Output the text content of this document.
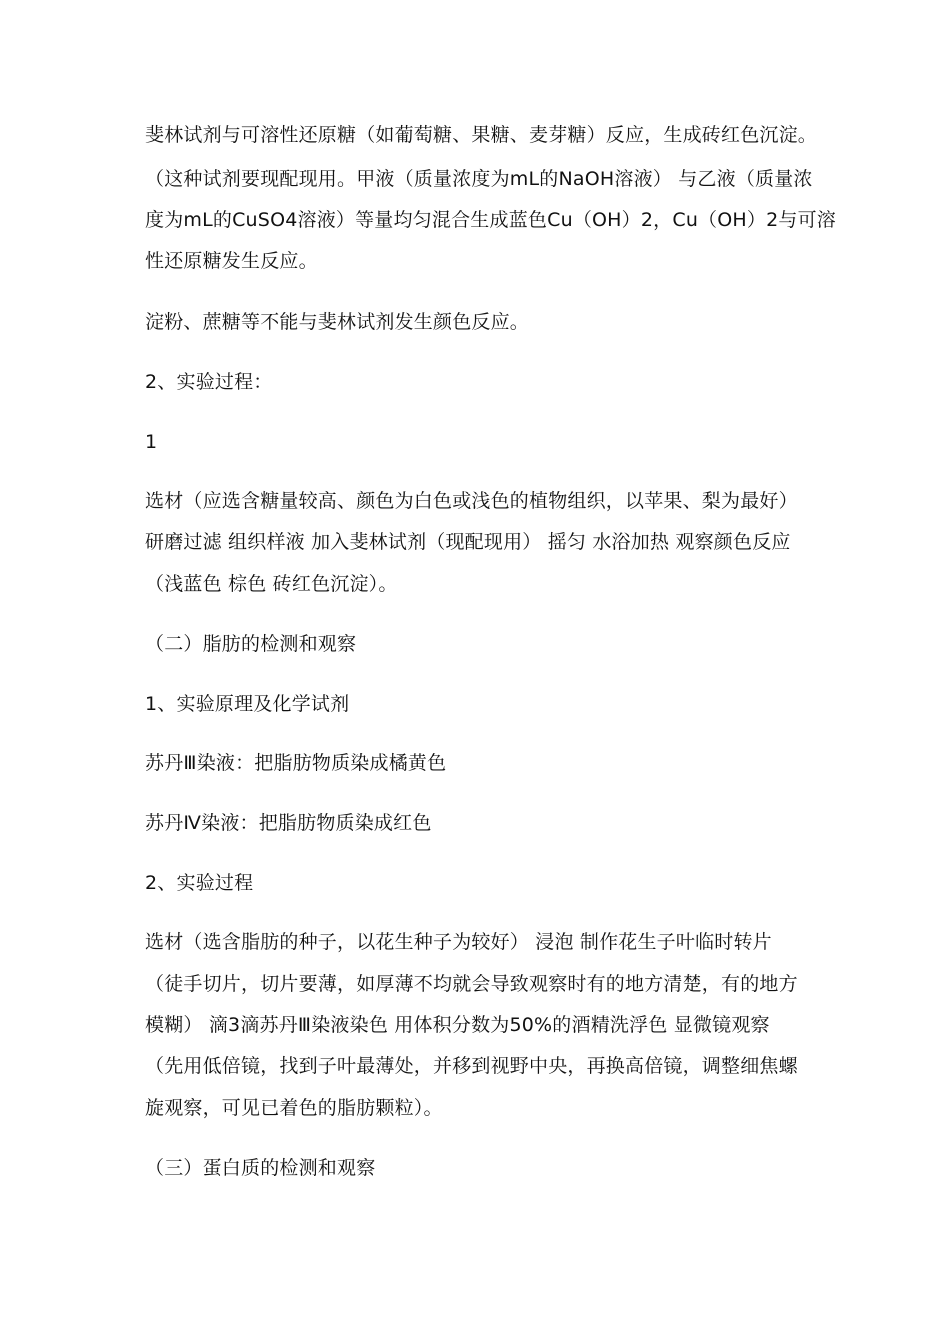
斐林试剂与可溶性还原糖（如葡萄糖、果糖、麦芽糖）反应，生成砖红色沉淀。
（这种试剂要现配现用。甲液（质量浓度为mL的NaOH溶液） 与乙液（质量浓
度为mL的CuSO4溶液）等量均匀混合生成蓝色Cu（OH）2，Cu（OH）2与可溶
性还原糖发生反应。
淀粉、蔗糖等不能与斐林试剂发生颜色反应。
2、实验过程：
1
选材（应选含糖量较高、颜色为白色或浅色的植物组织，以苹果、梨为最好）
研磨过滤 组织样液 加入斐林试剂（现配现用） 摇匀 水浴加热 观察颜色反应
（浅蓝色 棕色 砖红色沉淀）。
（二）脂肪的检测和观察
1、实验原理及化学试剂
苏丹Ⅲ染液：把脂肪物质染成橘黄色
苏丹Ⅳ染液：把脂肪物质染成红色
2、实验过程
选材（选含脂肪的种子，以花生种子为较好） 浸泡 制作花生子叶临时转片
（徒手切片，切片要薄，如厚薄不均就会导致观察时有的地方清楚，有的地方
模糊） 滴3滴苏丹Ⅲ染液染色 用体积分数为50%的酒精洗浮色 显微镜观察
（先用低倍镜，找到子叶最薄处，并移到视野中央，再换高倍镜，调整细焦螺
旋观察，可见已着色的脂肪颗粒）。
（三）蛋白质的检测和观察
